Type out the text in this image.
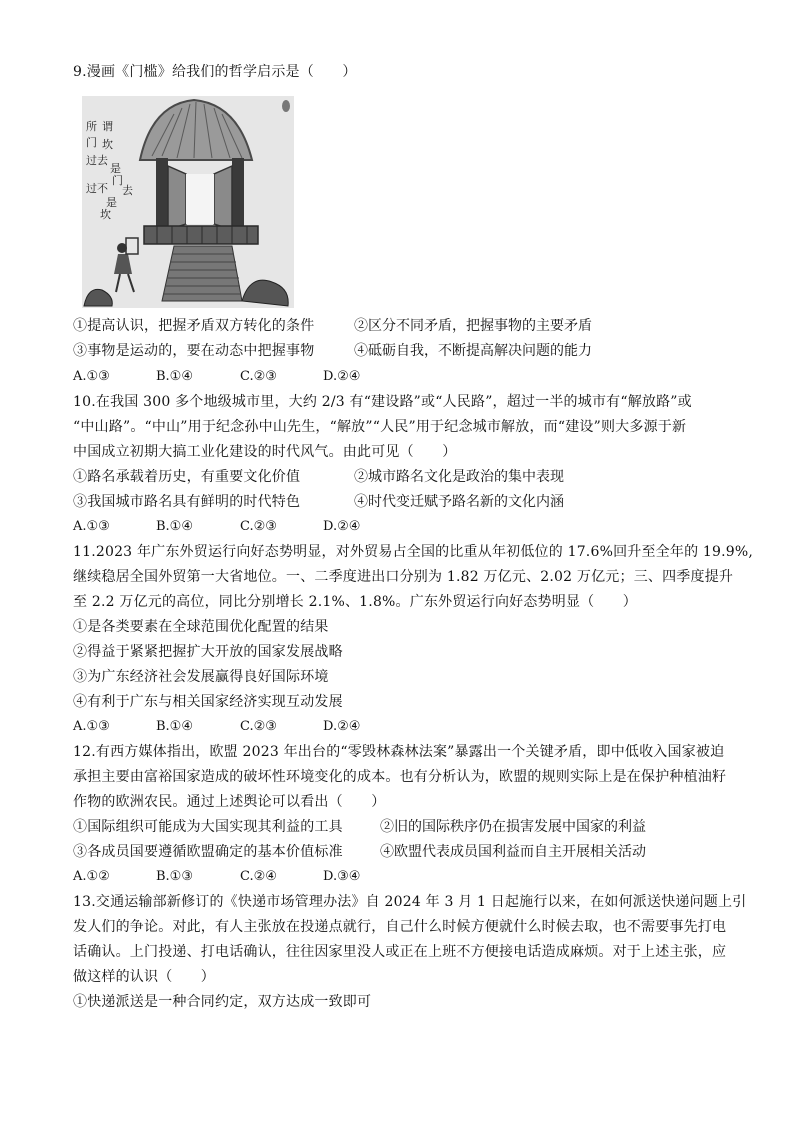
9.漫画《门槛》给我们的哲学启示是（　　）
所 谓
门 坎
过去
是
门
去
过不
是
坎
①提高认识，把握矛盾双方转化的条件	②区分不同矛盾，把握事物的主要矛盾
③事物是运动的，要在动态中把握事物	④砥砺自我，不断提高解决问题的能力
A.①③	B.①④	C.②③	D.②④
10.在我国 300 多个地级城市里，大约 2/3 有“建设路”或“人民路”，超过一半的城市有“解放路”或
“中山路”。“中山”用于纪念孙中山先生，“解放”“人民”用于纪念城市解放，而“建设”则大多源于新
中国成立初期大搞工业化建设的时代风气。由此可见（　　）
①路名承载着历史，有重要文化价值	②城市路名文化是政治的集中表现
③我国城市路名具有鲜明的时代特色	④时代变迁赋予路名新的文化内涵
A.①③	B.①④	C.②③	D.②④
11.2023 年广东外贸运行向好态势明显，对外贸易占全国的比重从年初低位的 17.6%回升至全年的 19.9%,
继续稳居全国外贸第一大省地位。一、二季度进出口分别为 1.82 万亿元、2.02 万亿元；三、四季度提升
至 2.2 万亿元的高位，同比分别增长 2.1%、1.8%。广东外贸运行向好态势明显（　　）
①是各类要素在全球范围优化配置的结果
②得益于紧紧把握扩大开放的国家发展战略
③为广东经济社会发展赢得良好国际环境
④有利于广东与相关国家经济实现互动发展
A.①③	B.①④	C.②③	D.②④
12.有西方媒体指出，欧盟 2023 年出台的“零毁林森林法案”暴露出一个关键矛盾，即中低收入国家被迫
承担主要由富裕国家造成的破坏性环境变化的成本。也有分析认为，欧盟的规则实际上是在保护种植油籽
作物的欧洲农民。通过上述舆论可以看出（　　）
①国际组织可能成为大国实现其利益的工具	②旧的国际秩序仍在损害发展中国家的利益
③各成员国要遵循欧盟确定的基本价值标准	④欧盟代表成员国利益而自主开展相关活动
A.①②	B.①③	C.②④	D.③④
13.交通运输部新修订的《快递市场管理办法》自 2024 年 3 月 1 日起施行以来，在如何派送快递问题上引
发人们的争论。对此，有人主张放在投递点就行，自己什么时候方便就什么时候去取，也不需要事先打电
话确认。上门投递、打电话确认，往往因家里没人或正在上班不方便接电话造成麻烦。对于上述主张，应
做这样的认识（　　）
①快递派送是一种合同约定，双方达成一致即可
